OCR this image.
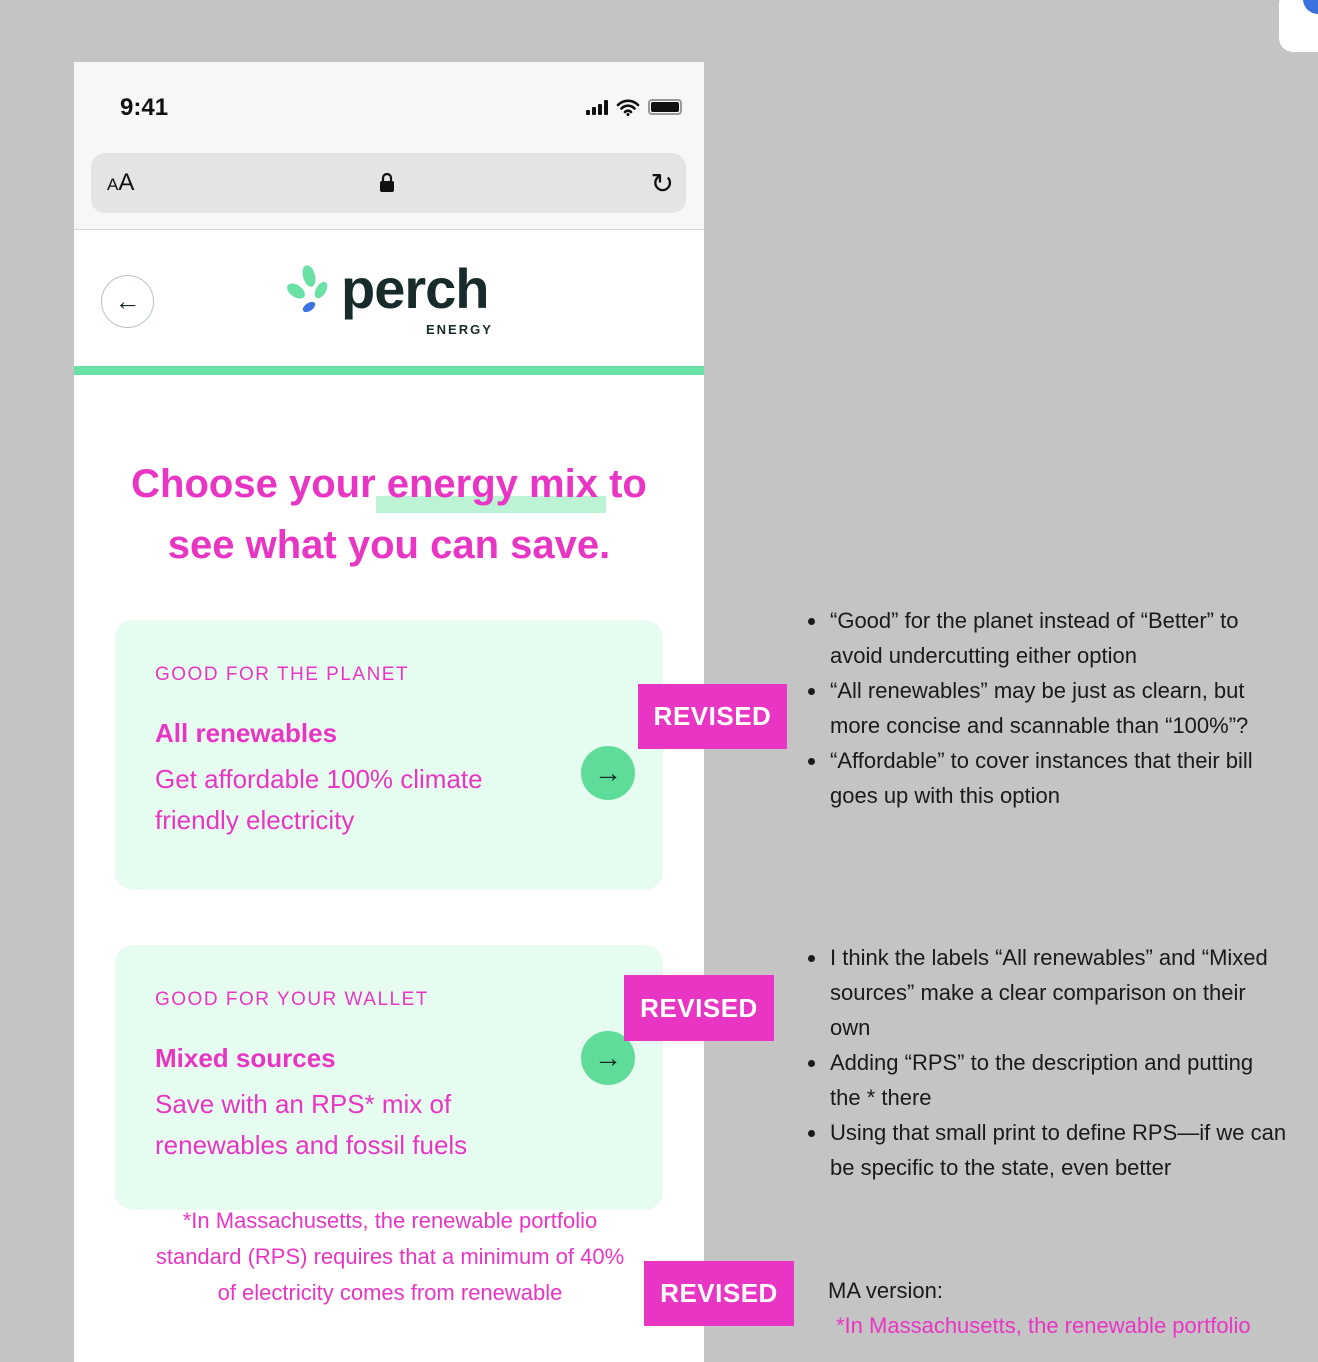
9:41
AA	↻
←	perch
ENERGY
Choose your energy mix to see what you can save.
GOOD FOR THE PLANET
All renewables
Get affordable 100% climate friendly electricity
→
GOOD FOR YOUR WALLET
Mixed sources
Save with an RPS* mix of renewables and fossil fuels
→
*In Massachusetts, the renewable portfolio standard (RPS) requires that a minimum of 40% of electricity comes from renewable
REVISED
REVISED
REVISED
• “Good” for the planet instead of “Better” to avoid undercutting either option
• “All renewables” may be just as clearn, but more concise and scannable than “100%”?
• “Affordable” to cover instances that their bill goes up with this option
• I think the labels “All renewables” and “Mixed sources” make a clear comparison on their own
• Adding “RPS” to the description and putting the * there
• Using that small print to define RPS—if we can be specific to the state, even better
MA version:
*In Massachusetts, the renewable portfolio
